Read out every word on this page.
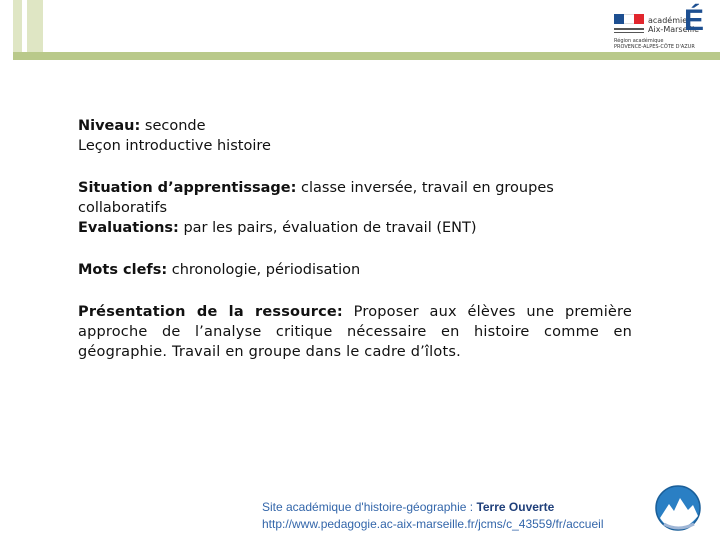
académie
Aix-Marseille
É
Région académique
PROVENCE-ALPES-CÔTE D'AZUR

Niveau: seconde

Leçon introductive histoire

Situation d’apprentissage: classe inversée, travail en groupes collaboratifs

Evaluations: par les pairs, évaluation de travail (ENT)

Mots clefs: chronologie, périodisation

Présentation de la ressource: Proposer aux élèves une première approche de l’analyse critique nécessaire en histoire comme en géographie. Travail en groupe dans le cadre d’îlots.

Site académique d'histoire-géographie : Terre Ouverte
http://www.pedagogie.ac-aix-marseille.fr/jcms/c_43559/fr/accueil
